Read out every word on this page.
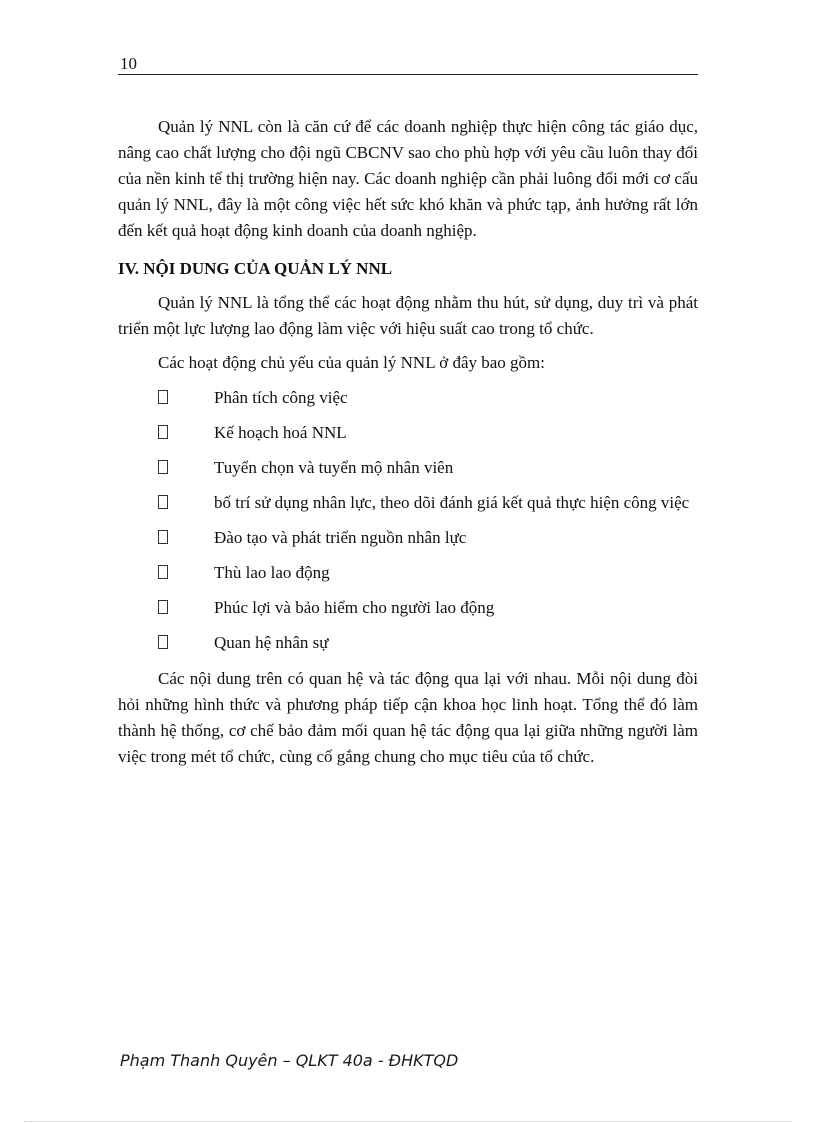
10

Quản lý NNL còn là căn cứ để các doanh nghiệp thực hiện công tác giáo dục, nâng cao chất lượng cho đội ngũ CBCNV sao cho phù hợp với yêu cầu luôn thay đổi của nền kinh tế thị trường hiện nay. Các doanh nghiệp cần phải luông đổi mới cơ cấu quản lý NNL, đây là một công việc hết sức khó khăn và phức tạp, ảnh hưởng rất lớn đến kết quả hoạt động kinh doanh của doanh nghiệp.

IV. NỘI DUNG CỦA QUẢN LÝ NNL

Quản lý NNL là tổng thể các hoạt động nhằm thu hút, sử dụng, duy trì và phát triển một lực lượng lao động làm việc với hiệu suất cao trong tổ chức.

Các hoạt động chủ yếu của quản lý NNL ở đây bao gồm:

Phân tích công việc
Kế hoạch hoá NNL
Tuyển chọn và tuyển mộ nhân viên
bố trí sử dụng nhân lực, theo dõi đánh giá kết quả thực hiện công việc
Đào tạo và phát triển nguồn nhân lực
Thù lao lao động
Phúc lợi và bảo hiểm cho người lao động
Quan hệ nhân sự

Các nội dung trên có quan hệ và tác động qua lại với nhau. Mỗi nội dung đòi hỏi những hình thức và phương pháp tiếp cận khoa học linh hoạt. Tổng thể đó làm thành hệ thống, cơ chế bảo đảm mối quan hệ tác động qua lại giữa những người làm việc trong mét tổ chức, cùng cố gắng chung cho mục tiêu của tổ chức.

Phạm Thanh Quyên – QLKT 40a - ĐHKTQD
